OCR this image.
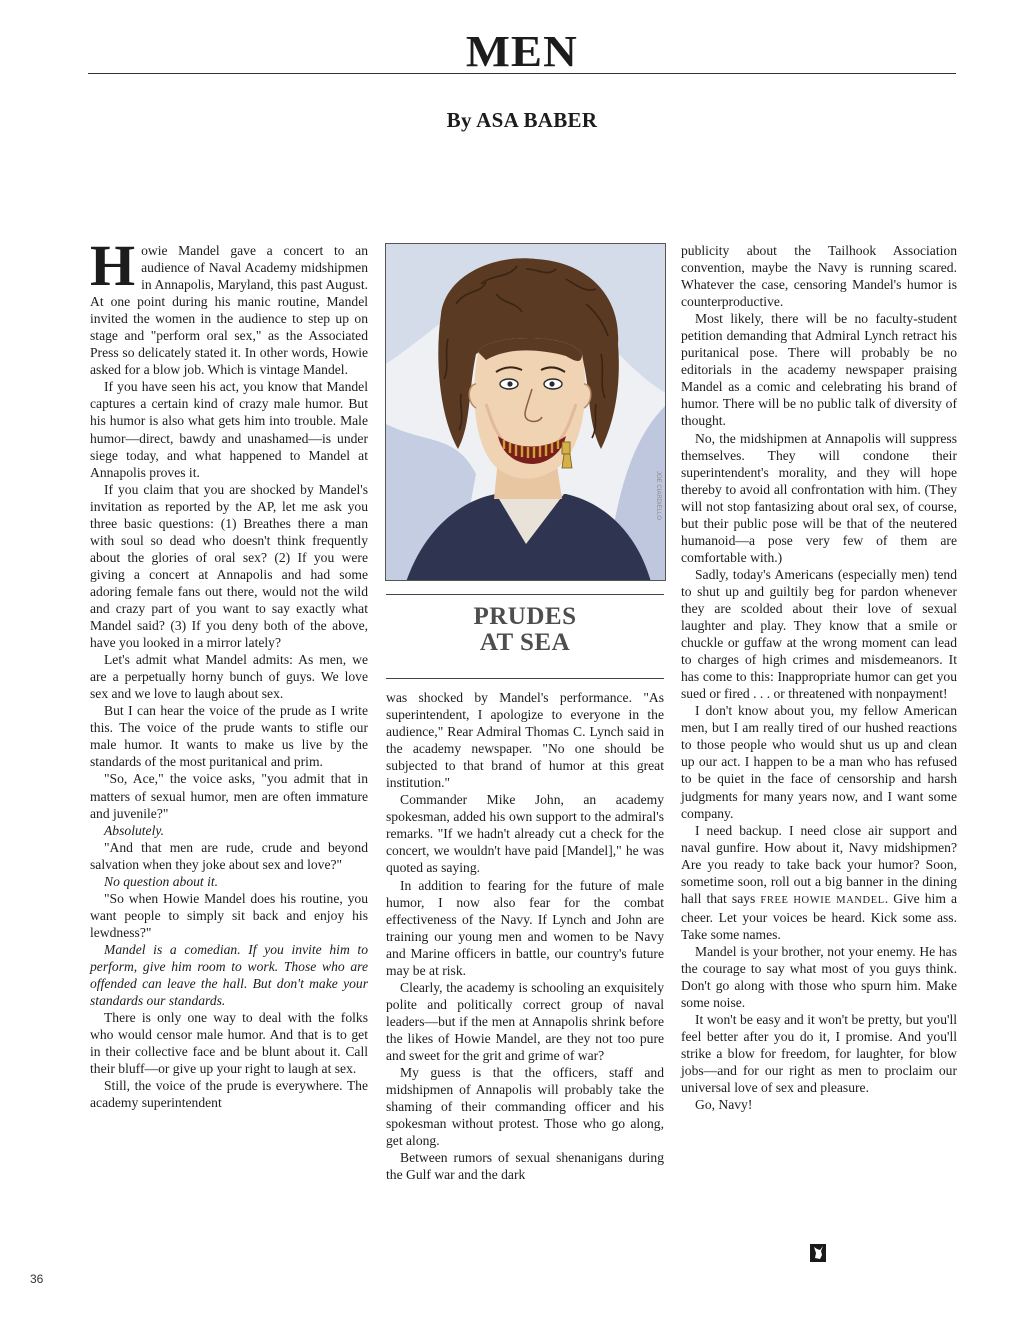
MEN
By ASA BABER

Howie Mandel gave a concert to an audience of Naval Academy midshipmen in Annapolis, Maryland, this past August. At one point during his manic routine, Mandel invited the women in the audience to step up on stage and "perform oral sex," as the Associated Press so delicately stated it. In other words, Howie asked for a blow job. Which is vintage Mandel.

If you have seen his act, you know that Mandel captures a certain kind of crazy male humor. But his humor is also what gets him into trouble. Male humor—direct, bawdy and unashamed—is under siege today, and what happened to Mandel at Annapolis proves it.

If you claim that you are shocked by Mandel's invitation as reported by the AP, let me ask you three basic questions: (1) Breathes there a man with soul so dead who doesn't think frequently about the glories of oral sex? (2) If you were giving a concert at Annapolis and had some adoring female fans out there, would not the wild and crazy part of you want to say exactly what Mandel said? (3) If you deny both of the above, have you looked in a mirror lately?

Let's admit what Mandel admits: As men, we are a perpetually horny bunch of guys. We love sex and we love to laugh about sex.

But I can hear the voice of the prude as I write this. The voice of the prude wants to stifle our male humor. It wants to make us live by the standards of the most puritanical and prim.

"So, Ace," the voice asks, "you admit that in matters of sexual humor, men are often immature and juvenile?"

Absolutely.

"And that men are rude, crude and beyond salvation when they joke about sex and love?"

No question about it.

"So when Howie Mandel does his routine, you want people to simply sit back and enjoy his lewdness?"

Mandel is a comedian. If you invite him to perform, give him room to work. Those who are offended can leave the hall. But don't make your standards our standards.

There is only one way to deal with the folks who would censor male humor. And that is to get in their collective face and be blunt about it. Call their bluff—or give up your right to laugh at sex.

Still, the voice of the prude is everywhere. The academy superintendent

JOE CIARDIELLO
PRUDES
AT SEA

was shocked by Mandel's performance. "As superintendent, I apologize to everyone in the audience," Rear Admiral Thomas C. Lynch said in the academy newspaper. "No one should be subjected to that brand of humor at this great institution."

Commander Mike John, an academy spokesman, added his own support to the admiral's remarks. "If we hadn't already cut a check for the concert, we wouldn't have paid [Mandel]," he was quoted as saying.

In addition to fearing for the future of male humor, I now also fear for the combat effectiveness of the Navy. If Lynch and John are training our young men and women to be Navy and Marine officers in battle, our country's future may be at risk.

Clearly, the academy is schooling an exquisitely polite and politically correct group of naval leaders—but if the men at Annapolis shrink before the likes of Howie Mandel, are they not too pure and sweet for the grit and grime of war?

My guess is that the officers, staff and midshipmen of Annapolis will probably take the shaming of their commanding officer and his spokesman without protest. Those who go along, get along.

Between rumors of sexual shenanigans during the Gulf war and the dark

publicity about the Tailhook Association convention, maybe the Navy is running scared. Whatever the case, censoring Mandel's humor is counterproductive.

Most likely, there will be no faculty-student petition demanding that Admiral Lynch retract his puritanical pose. There will probably be no editorials in the academy newspaper praising Mandel as a comic and celebrating his brand of humor. There will be no public talk of diversity of thought.

No, the midshipmen at Annapolis will suppress themselves. They will condone their superintendent's morality, and they will hope thereby to avoid all confrontation with him. (They will not stop fantasizing about oral sex, of course, but their public pose will be that of the neutered humanoid—a pose very few of them are comfortable with.)

Sadly, today's Americans (especially men) tend to shut up and guiltily beg for pardon whenever they are scolded about their love of sexual laughter and play. They know that a smile or chuckle or guffaw at the wrong moment can lead to charges of high crimes and misdemeanors. It has come to this: Inappropriate humor can get you sued or fired . . . or threatened with nonpayment!

I don't know about you, my fellow American men, but I am really tired of our hushed reactions to those people who would shut us up and clean up our act. I happen to be a man who has refused to be quiet in the face of censorship and harsh judgments for many years now, and I want some company.

I need backup. I need close air support and naval gunfire. How about it, Navy midshipmen? Are you ready to take back your humor? Soon, sometime soon, roll out a big banner in the dining hall that says FREE HOWIE MANDEL. Give him a cheer. Let your voices be heard. Kick some ass. Take some names.

Mandel is your brother, not your enemy. He has the courage to say what most of you guys think. Don't go along with those who spurn him. Make some noise.

It won't be easy and it won't be pretty, but you'll feel better after you do it, I promise. And you'll strike a blow for freedom, for laughter, for blow jobs—and for our right as men to proclaim our universal love of sex and pleasure.

Go, Navy!

36
